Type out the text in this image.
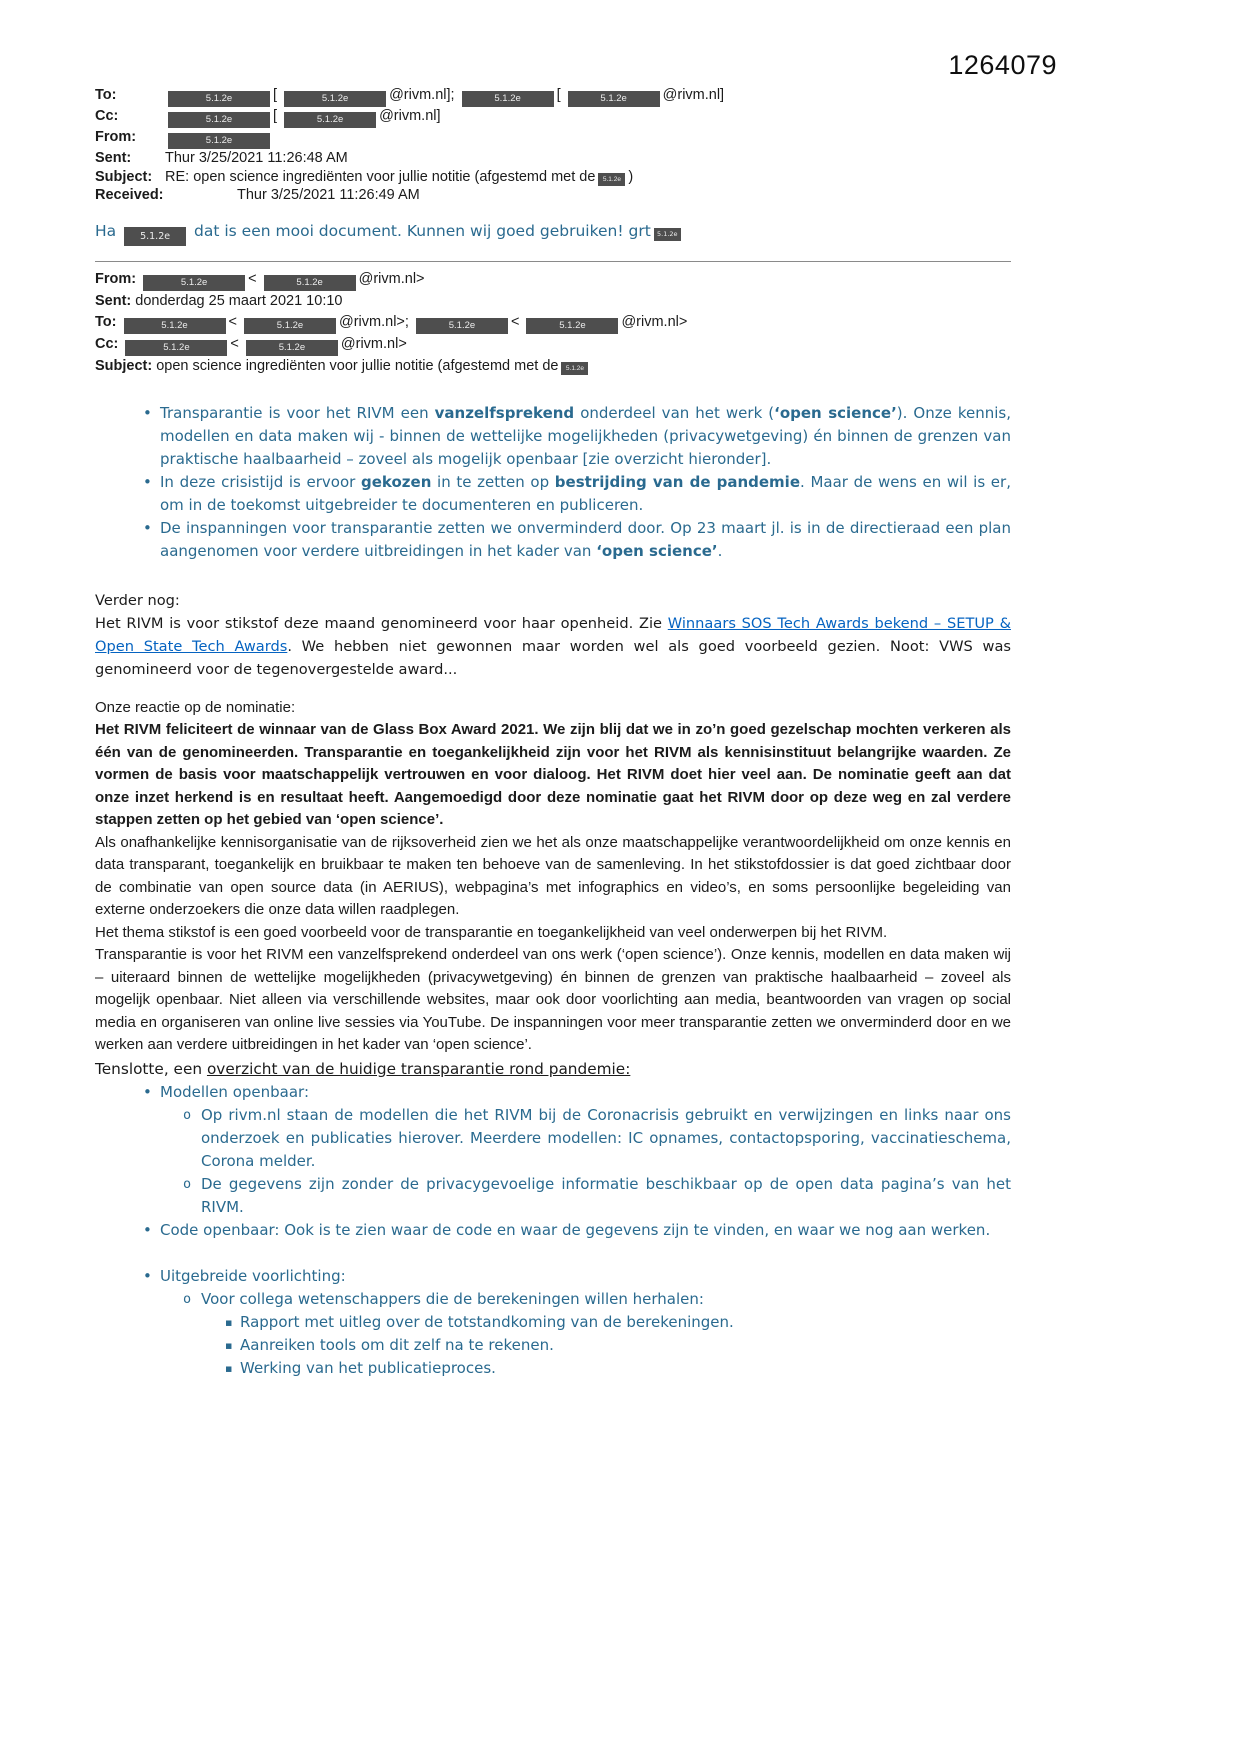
1264079
To:	5.1.2e	[	5.1.2e	@rivm.nl];	5.1.2e [	5.1.2e @rivm.nl]
Cc:	5.1.2e	[	5.1.2e @rivm.nl]
From:	5.1.2e
Sent:	Thur 3/25/2021 11:26:48 AM
Subject: RE: open science ingrediënten voor jullie notitie (afgestemd met de 5.1.2e )
Received:	Thur 3/25/2021 11:26:49 AM
Ha	5.1.2e dat is een mooi document. Kunnen wij goed gebruiken! grt 5.1.2e
From:	5.1.2e	<	5.1.2e @rivm.nl>
Sent: donderdag 25 maart 2021 10:10
To:	5.1.2e	<	5.1.2e @rivm.nl>;	5.1.2e <	5.1.2e @rivm.nl>
Cc:	5.1.2e	<	5.1.2e @rivm.nl>
Subject: open science ingrediënten voor jullie notitie (afgestemd met de 5.1.2e
• Transparantie is voor het RIVM een vanzelfsprekend onderdeel van het werk (‘open science’). Onze kennis, modellen en data maken wij - binnen de wettelijke mogelijkheden (privacywetgeving) én binnen de grenzen van praktische haalbaarheid – zoveel als mogelijk openbaar [zie overzicht hieronder].
• In deze crisistijd is ervoor gekozen in te zetten op bestrijding van de pandemie. Maar de wens en wil is er, om in de toekomst uitgebreider te documenteren en publiceren.
• De inspanningen voor transparantie zetten we onverminderd door. Op 23 maart jl. is in de directieraad een plan aangenomen voor verdere uitbreidingen in het kader van ‘open science’.

Verder nog:

Het RIVM is voor stikstof deze maand genomineerd voor haar openheid. Zie Winnaars SOS Tech Awards bekend – SETUP & Open State Tech Awards. We hebben niet gewonnen maar worden wel als goed voorbeeld gezien. Noot: VWS was genomineerd voor de tegenovergestelde award...

Onze reactie op de nominatie:

Het RIVM feliciteert de winnaar van de Glass Box Award 2021. We zijn blij dat we in zo’n goed gezelschap mochten verkeren als één van de genomineerden. Transparantie en toegankelijkheid zijn voor het RIVM als kennisinstituut belangrijke waarden. Ze vormen de basis voor maatschappelijk vertrouwen en voor dialoog. Het RIVM doet hier veel aan. De nominatie geeft aan dat onze inzet herkend is en resultaat heeft. Aangemoedigd door deze nominatie gaat het RIVM door op deze weg en zal verdere stappen zetten op het gebied van ‘open science’.

Als onafhankelijke kennisorganisatie van de rijksoverheid zien we het als onze maatschappelijke verantwoordelijkheid om onze kennis en data transparant, toegankelijk en bruikbaar te maken ten behoeve van de samenleving. In het stikstofdossier is dat goed zichtbaar door de combinatie van open source data (in AERIUS), webpagina’s met infographics en video’s, en soms persoonlijke begeleiding van externe onderzoekers die onze data willen raadplegen.

Het thema stikstof is een goed voorbeeld voor de transparantie en toegankelijkheid van veel onderwerpen bij het RIVM.

Transparantie is voor het RIVM een vanzelfsprekend onderdeel van ons werk (‘open science’). Onze kennis, modellen en data maken wij – uiteraard binnen de wettelijke mogelijkheden (privacywetgeving) én binnen de grenzen van praktische haalbaarheid – zoveel als mogelijk openbaar. Niet alleen via verschillende websites, maar ook door voorlichting aan media, beantwoorden van vragen op social media en organiseren van online live sessies via YouTube. De inspanningen voor meer transparantie zetten we onverminderd door en we werken aan verdere uitbreidingen in het kader van ‘open science’.

Tenslotte, een overzicht van de huidige transparantie rond pandemie:
• Modellen openbaar:
o Op rivm.nl staan de modellen die het RIVM bij de Coronacrisis gebruikt en verwijzingen en links naar ons onderzoek en publicaties hierover. Meerdere modellen: IC opnames, contactopsporing, vaccinatieschema, Corona melder.
o De gegevens zijn zonder de privacygevoelige informatie beschikbaar op de open data pagina’s van het RIVM.
• Code openbaar: Ook is te zien waar de code en waar de gegevens zijn te vinden, en waar we nog aan werken.
• Uitgebreide voorlichting:
o Voor collega wetenschappers die de berekeningen willen herhalen:
▪ Rapport met uitleg over de totstandkoming van de berekeningen.
▪ Aanreiken tools om dit zelf na te rekenen.
▪ Werking van het publicatieproces.
